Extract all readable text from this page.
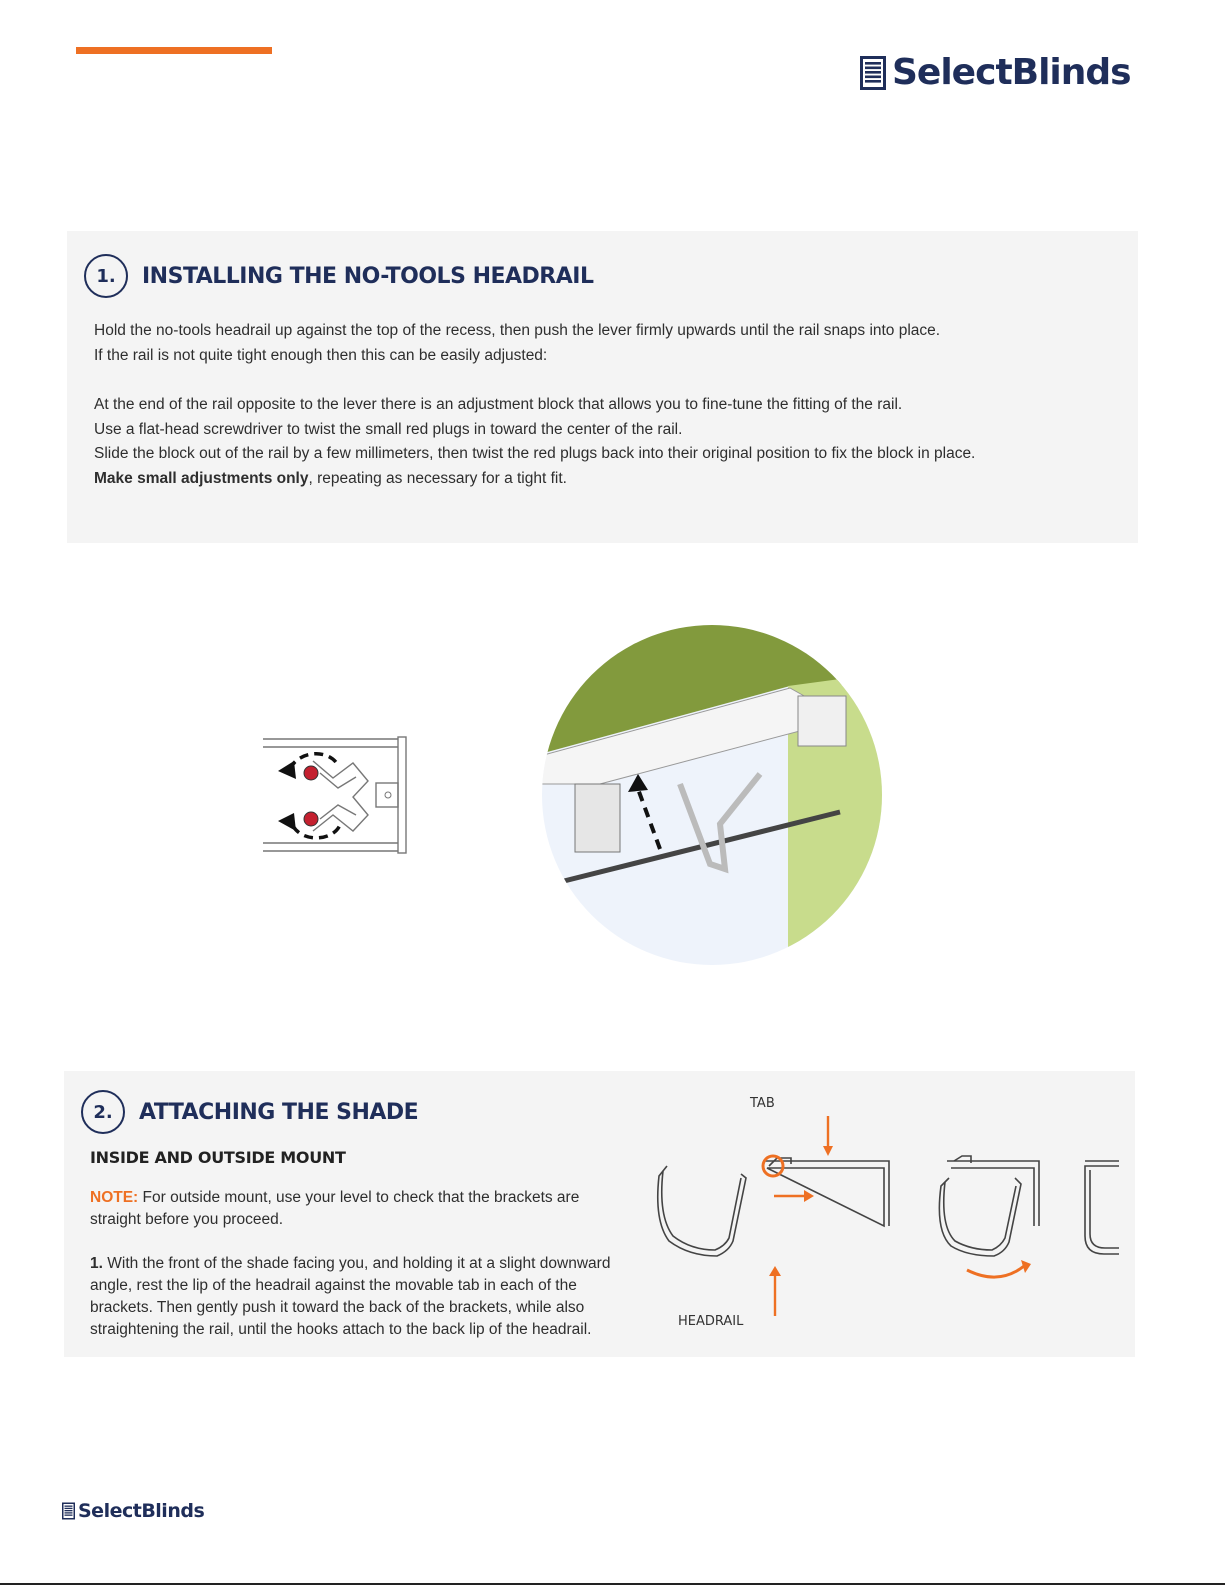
SelectBlinds
1.	INSTALLING THE NO-TOOLS HEADRAIL

Hold the no-tools headrail up against the top of the recess, then push the lever firmly upwards until the rail snaps into place.

If the rail is not quite tight enough then this can be easily adjusted:

At the end of the rail opposite to the lever there is an adjustment block that allows you to fine-tune the fitting of the rail.

Use a flat-head screwdriver to twist the small red plugs in toward the center of the rail.

Slide the block out of the rail by a few millimeters, then twist the red plugs back into their original position to fix the block in place.

Make small adjustments only, repeating as necessary for a tight fit.

2.	ATTACHING THE SHADE
INSIDE AND OUTSIDE MOUNT
NOTE: For outside mount, use your level to check that the brackets are straight before you proceed.
1. With the front of the shade facing you, and holding it at a slight downward angle, rest the lip of the headrail against the movable tab in each of the brackets. Then gently push it toward the back of the brackets, while also straightening the rail, until the hooks attach to the back lip of the headrail.
TAB
HEADRAIL
SelectBlinds
